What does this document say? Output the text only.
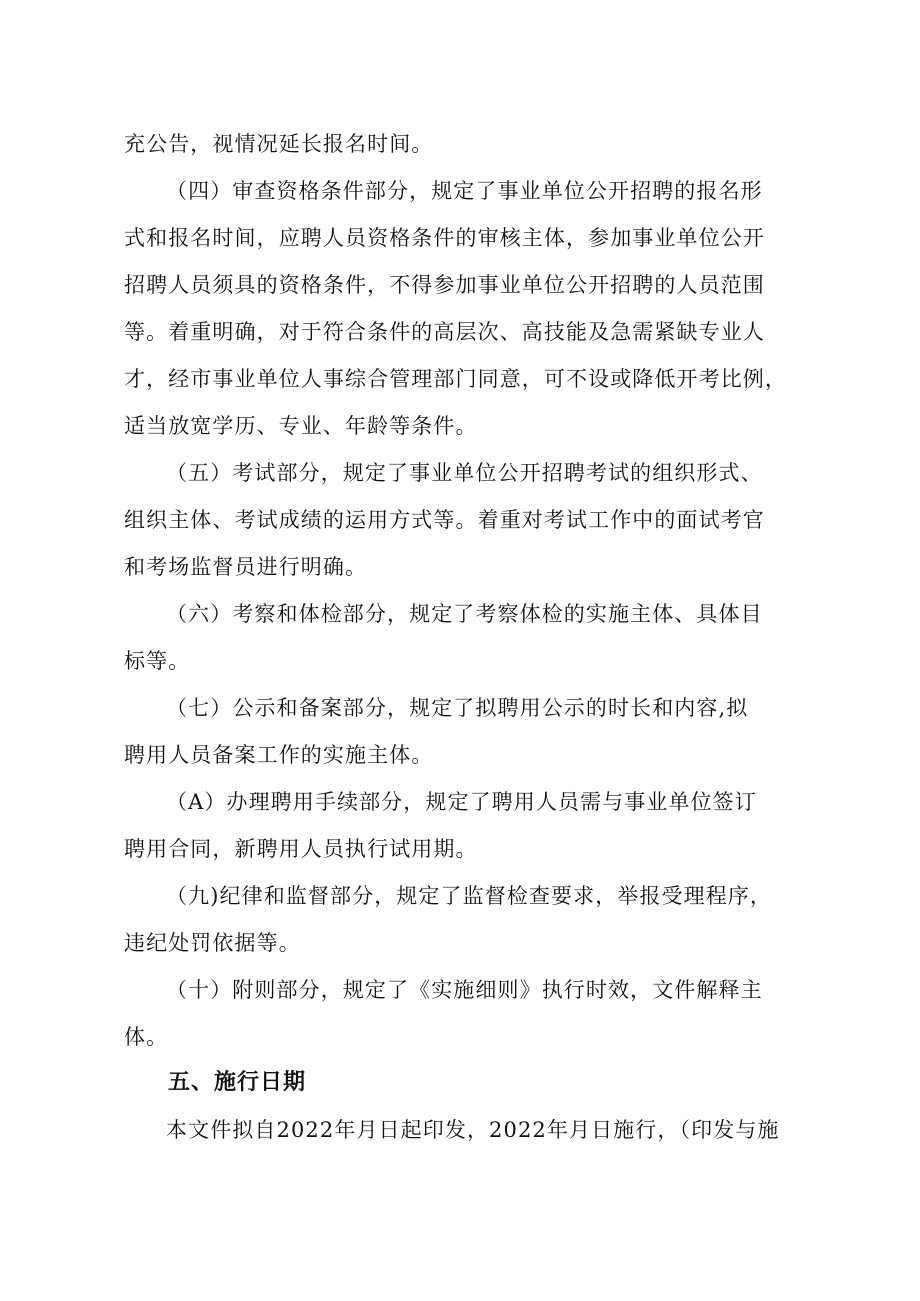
充公告，视情况延长报名时间。
（四）审查资格条件部分，规定了事业单位公开招聘的报名形
式和报名时间，应聘人员资格条件的审核主体，参加事业单位公开
招聘人员须具的资格条件，不得参加事业单位公开招聘的人员范围
等。着重明确，对于符合条件的高层次、高技能及急需紧缺专业人
才，经市事业单位人事综合管理部门同意，可不设或降低开考比例，
适当放宽学历、专业、年龄等条件。
（五）考试部分，规定了事业单位公开招聘考试的组织形式、
组织主体、考试成绩的运用方式等。着重对考试工作中的面试考官
和考场监督员进行明确。
（六）考察和体检部分，规定了考察体检的实施主体、具体目
标等。
（七）公示和备案部分，规定了拟聘用公示的时长和内容,拟
聘用人员备案工作的实施主体。
（A）办理聘用手续部分，规定了聘用人员需与事业单位签订
聘用合同，新聘用人员执行试用期。
（九)纪律和监督部分，规定了监督检查要求，举报受理程序，
违纪处罚依据等。
（十）附则部分，规定了《实施细则》执行时效，文件解释主
体。
五、施行日期
本文件拟自2022年月日起印发，2022年月日施行，（印发与施
